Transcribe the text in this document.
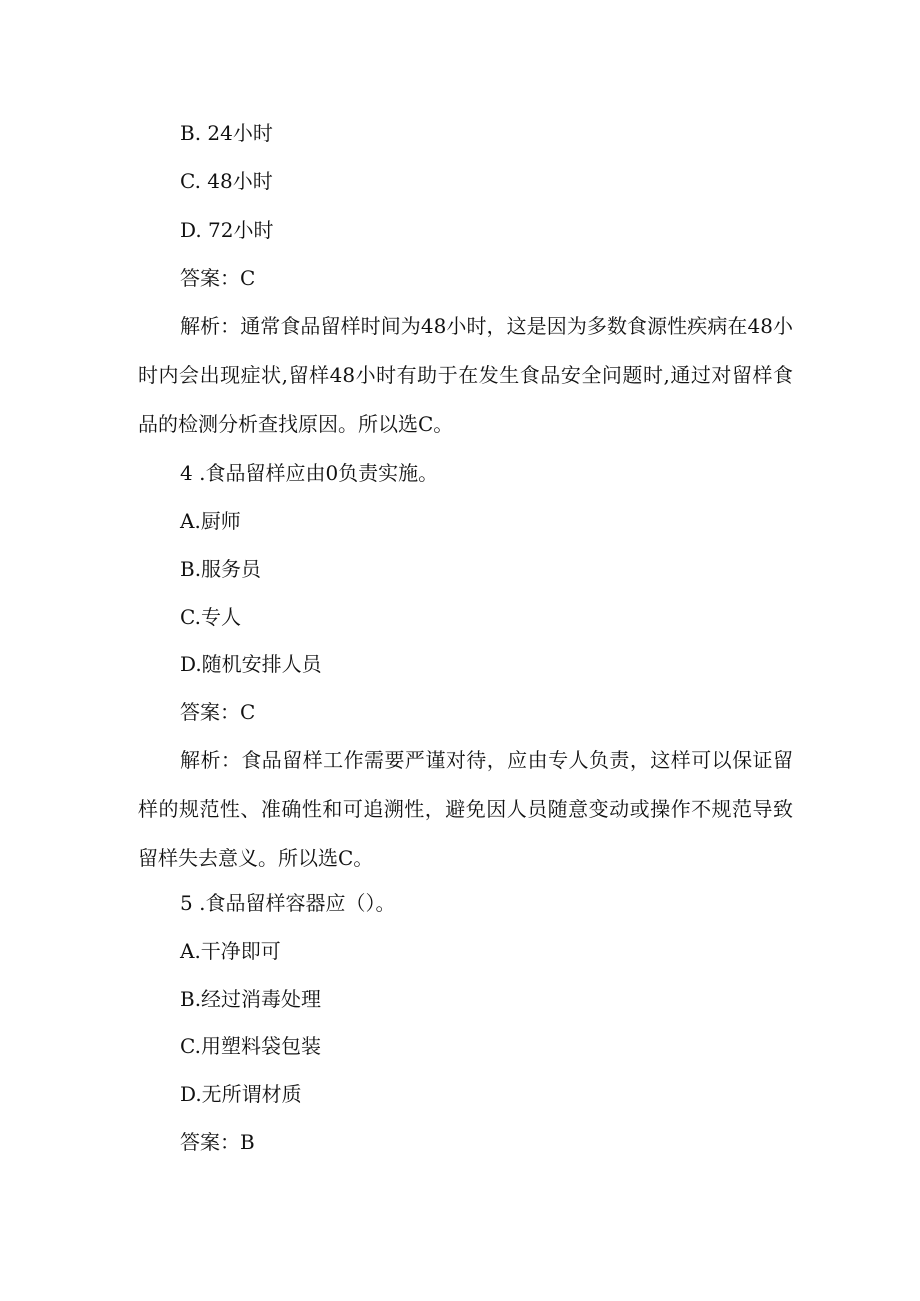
B. 24小时
C. 48小时
D. 72小时
答案：C
解析：通常食品留样时间为48小时，这是因为多数食源性疾病在48小时内会出现症状,留样48小时有助于在发生食品安全问题时,通过对留样食品的检测分析查找原因。所以选C。
4 .食品留样应由0负责实施。
A.厨师
B.服务员
C.专人
D.随机安排人员
答案：C
解析：食品留样工作需要严谨对待，应由专人负责，这样可以保证留样的规范性、准确性和可追溯性，避免因人员随意变动或操作不规范导致留样失去意义。所以选C。
5 .食品留样容器应（）。
A.干净即可
B.经过消毒处理
C.用塑料袋包装
D.无所谓材质
答案：B
